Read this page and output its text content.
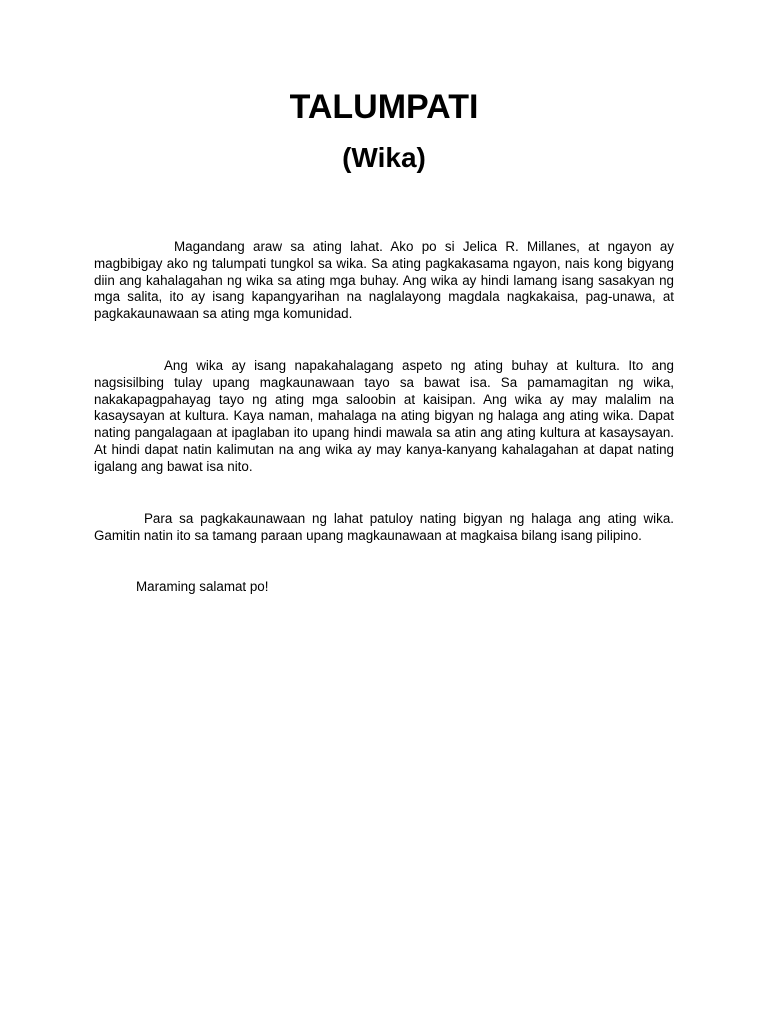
TALUMPATI
(Wika)

Magandang araw sa ating lahat. Ako po si Jelica R. Millanes, at ngayon ay magbibigay ako ng talumpati tungkol sa wika. Sa ating pagkakasama ngayon, nais kong bigyang diin ang kahalagahan ng wika sa ating mga buhay. Ang wika ay hindi lamang isang sasakyan ng mga salita, ito ay isang kapangyarihan na naglalayong magdala nagkakaisa, pag-unawa, at pagkakaunawaan sa ating mga komunidad.

Ang wika ay isang napakahalagang aspeto ng ating buhay at kultura. Ito ang nagsisilbing tulay upang magkaunawaan tayo sa bawat isa. Sa pamamagitan ng wika, nakakapagpahayag tayo ng ating mga saloobin at kaisipan. Ang wika ay may malalim na kasaysayan at kultura. Kaya naman, mahalaga na ating bigyan ng halaga ang ating wika. Dapat nating pangalagaan at ipaglaban ito upang hindi mawala sa atin ang ating kultura at kasaysayan. At hindi dapat natin kalimutan na ang wika ay may kanya-kanyang kahalagahan at dapat nating igalang ang bawat isa nito.

Para sa pagkakaunawaan ng lahat patuloy nating bigyan ng halaga ang ating wika. Gamitin natin ito sa tamang paraan upang magkaunawaan at magkaisa bilang isang pilipino.

Maraming salamat po!
